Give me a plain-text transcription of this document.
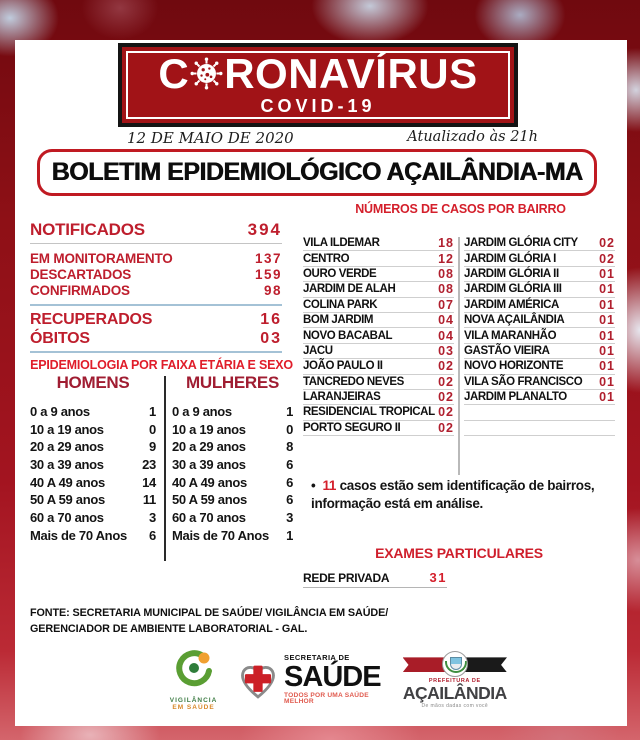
C RONAVÍRUS
COVID-19
12 DE MAIO DE 2020	Atualizado às 21h
BOLETIM EPIDEMIOLÓGICO AÇAILÂNDIA-MA
NÚMEROS DE CASOS POR BAIRRO
NOTIFICADOS	394
EM MONITORAMENTO	137
DESCARTADOS	159
CONFIRMADOS	98
RECUPERADOS	16
ÓBITOS	03
EPIDEMIOLOGIA POR FAIXA ETÁRIA E SEXO
HOMENS
0 a 9 anos	1
10 a 19 anos	0
20 a 29 anos	9
30 a 39 anos	23
40 A 49 anos	14
50 A 59 anos	11
60 a 70 anos	3
Mais de 70 Anos 6
MULHERES
0 a 9 anos	1
10 a 19 anos	0
20 a 29 anos	8
30 a 39 anos	6
40 A 49 anos	6
50 A 59 anos	6
60 a 70 anos	3
Mais de 70 Anos 1
VILA ILDEMAR	18
CENTRO	12
OURO VERDE	08
JARDIM DE ALAH	08
COLINA PARK	07
BOM JARDIM	04
NOVO BACABAL	04
JACU	03
JOÃO PAULO II	02
TANCREDO NEVES	02
LARANJEIRAS	02
RESIDENCIAL TROPICAL 02
PORTO SEGURO II	02
JARDIM GLÓRIA CITY 02
JARDIM GLÓRIA I	02
JARDIM GLÓRIA II	01
JARDIM GLÓRIA III	01
JARDIM AMÉRICA	01
NOVA AÇAILÂNDIA	01
VILA MARANHÃO	01
GASTÃO VIEIRA	01
NOVO HORIZONTE	01
VILA SÃO FRANCISCO 01
JARDIM PLANALTO	01
• 11 casos estão sem identificação de bairros, informação está em análise.
EXAMES PARTICULARES
REDE PRIVADA	31
FONTE: SECRETARIA MUNICIPAL DE SAÚDE/ VIGILÂNCIA EM SAÚDE/
GERENCIADOR DE AMBIENTE LABORATORIAL - GAL.
VIGILÂNCIA
EM SAÚDE
SECRETARIA DE
SAÚDE
TODOS POR UMA SAÚDE MELHOR
PREFEITURA DE
AÇAILÂNDIA
De mãos dadas com você
